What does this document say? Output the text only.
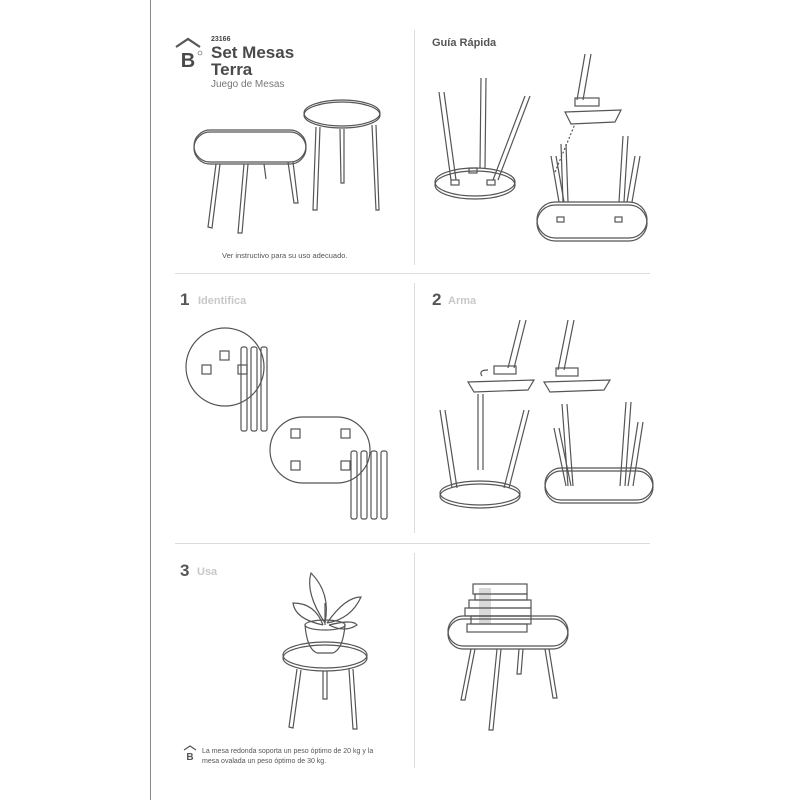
B
23166
Set Mesas
Terra
Juego de Mesas
Ver instructivo para su uso adecuado.
Guía Rápida
1 Identifica	2 Arma
3 Usa
B
La mesa redonda soporta un peso óptimo de 20 kg y la
mesa ovalada un peso óptimo de 30 kg.
